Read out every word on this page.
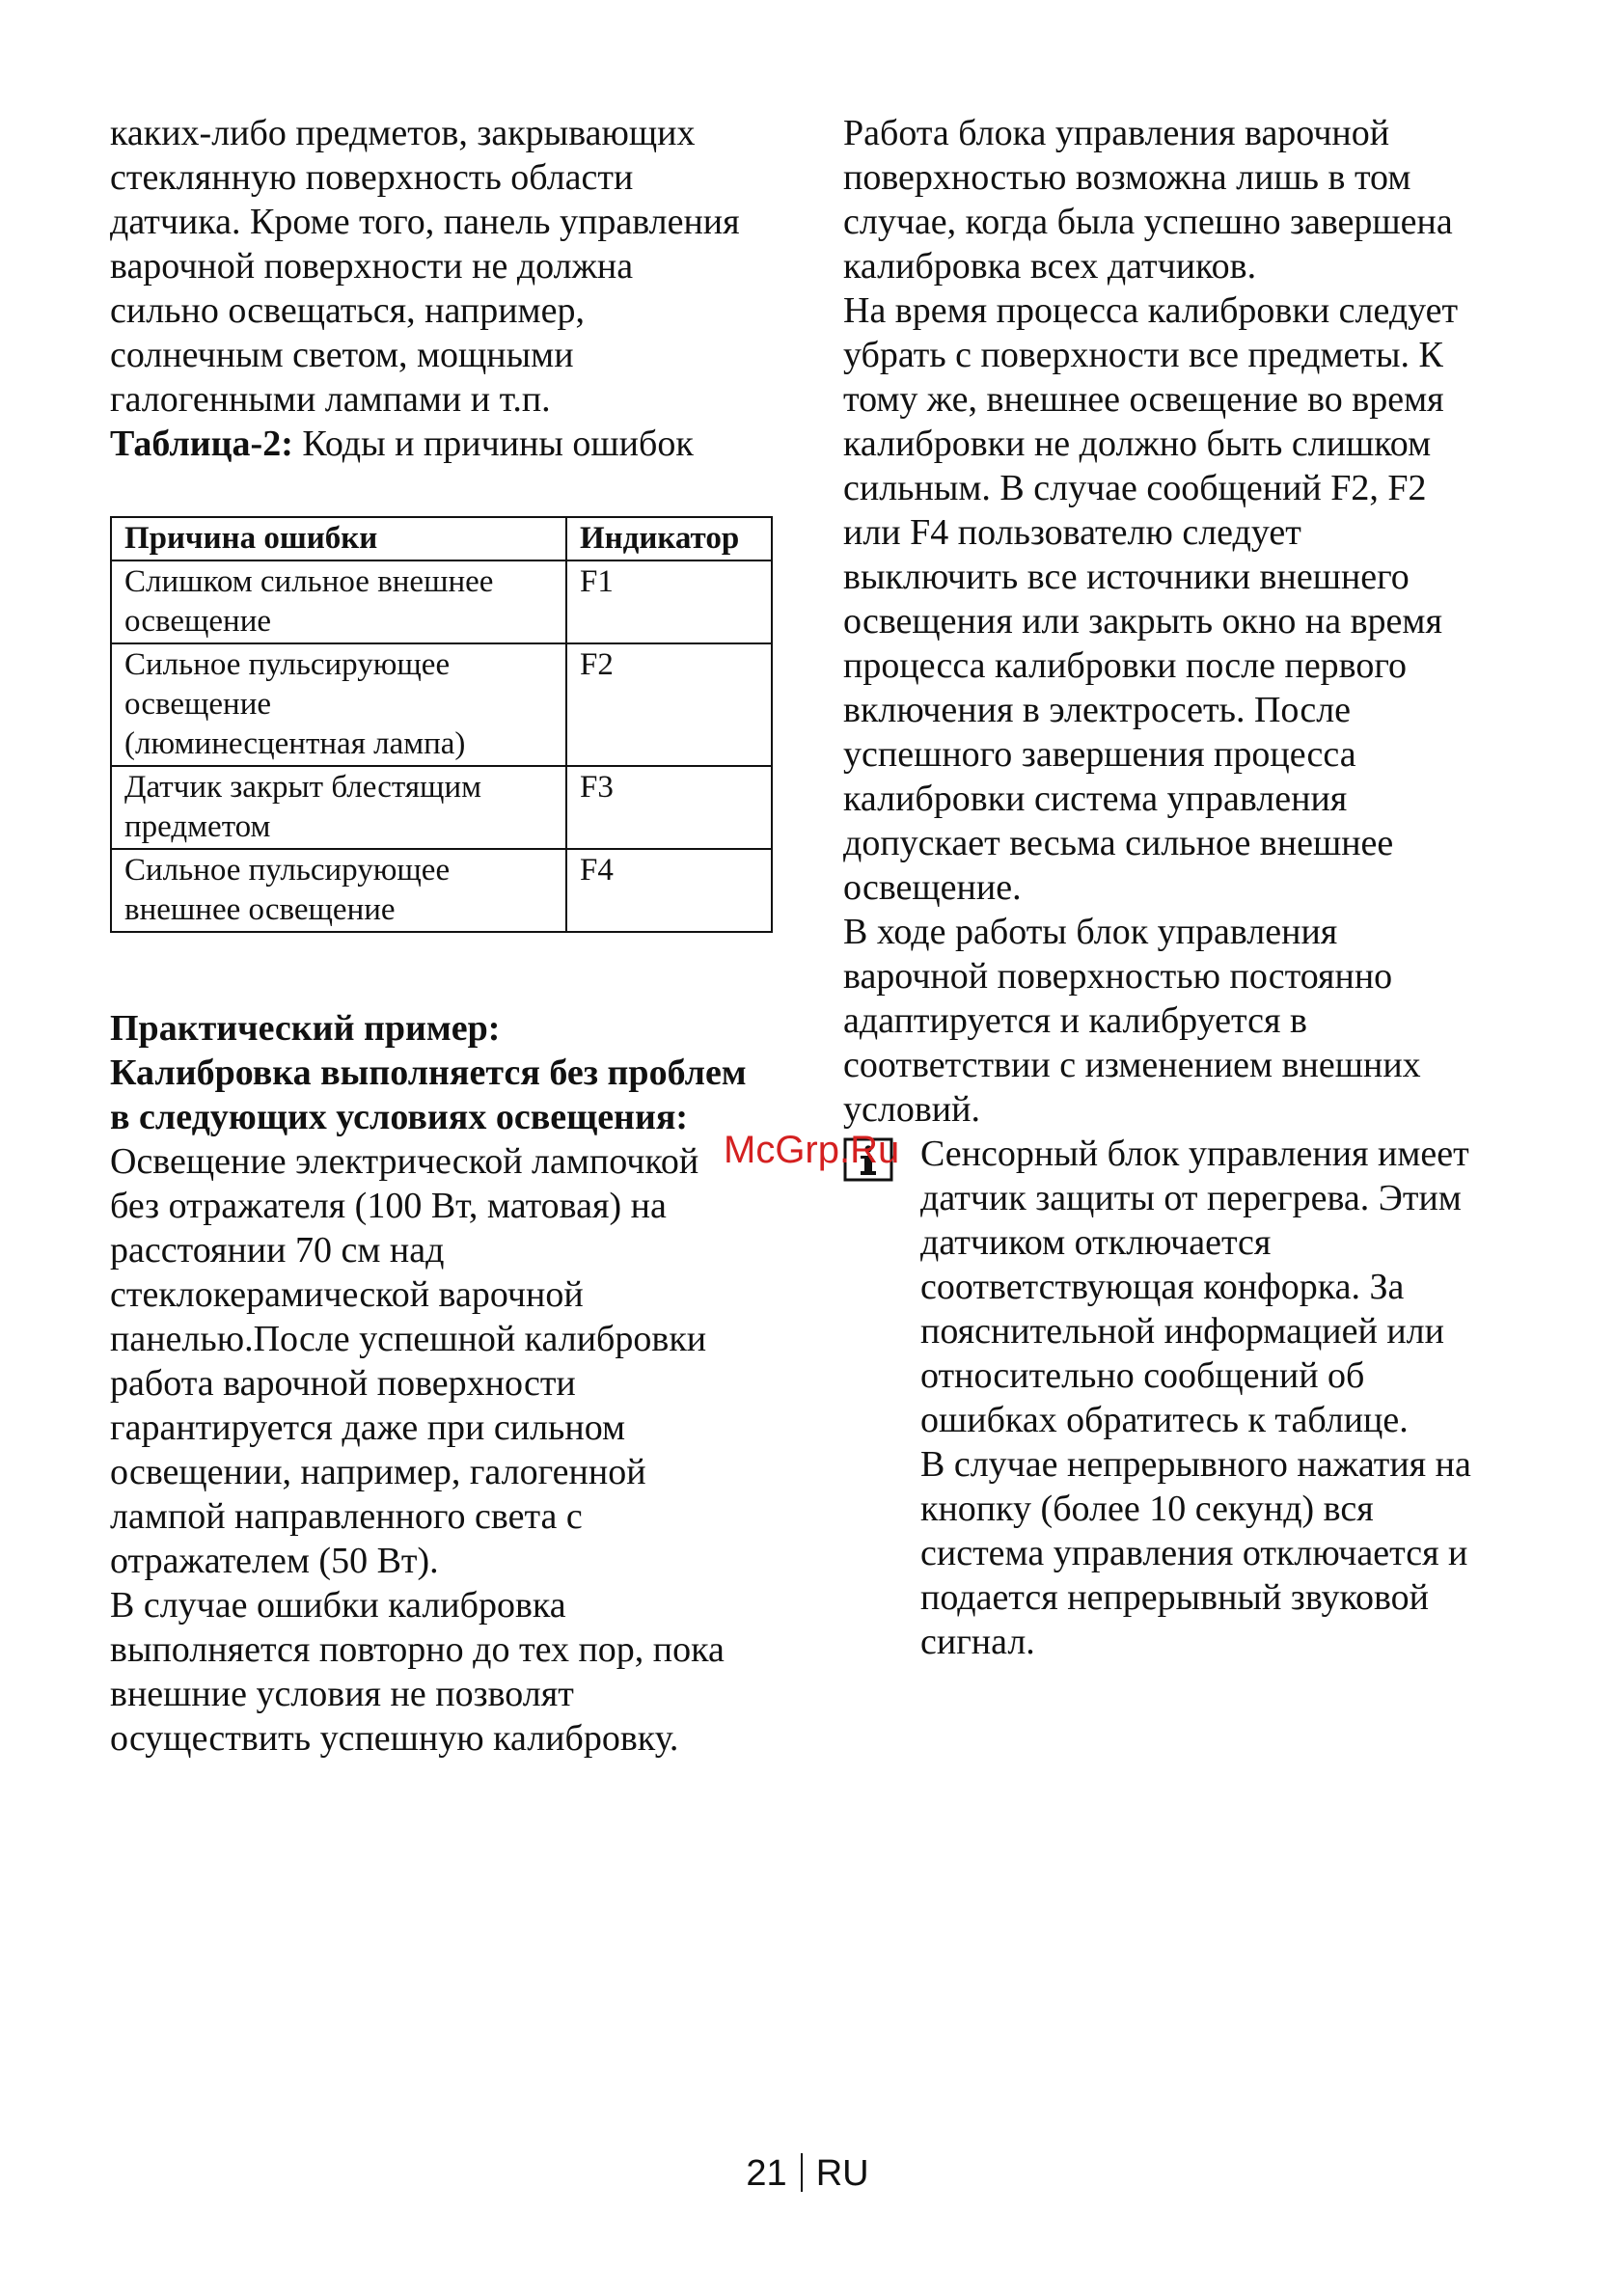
каких-либо предметов, закрывающих
стеклянную поверхность области
датчика. Кроме того, панель управления
варочной поверхности не должна
сильно освещаться, например,
солнечным светом, мощными
галогенными лампами и т.п.
Таблица-2: Коды и причины ошибок
Причина ошибки	Индикатор

Слишком сильное внешнее
освещение	F1

Сильное пульсирующее
освещение
(люминесцентная лампа)	F2

Датчик закрыт блестящим
предметом	F3

Сильное пульсирующее
внешнее освещение	F4
Практический пример:
Калибровка выполняется без проблем
в следующих условиях освещения:
Освещение электрической лампочкой
без отражателя (100 Вт, матовая) на
расстоянии 70 см над
стеклокерамической варочной
панелью.После успешной калибровки
работа варочной поверхности
гарантируется даже при сильном
освещении, например, галогенной
лампой направленного света с
отражателем (50 Вт).
В случае ошибки калибровка
выполняется повторно до тех пор, пока
внешние условия не позволят
осуществить успешную калибровку.
Работа блока управления варочной
поверхностью возможна лишь в том
случае, когда была успешно завершена
калибровка всех датчиков.
На время процесса калибровки следует
убрать с поверхности все предметы. К
тому же, внешнее освещение во время
калибровки не должно быть слишком
сильным. В случае сообщений F2, F2
или F4 пользователю следует
выключить все источники внешнего
освещения или закрыть окно на время
процесса калибровки после первого
включения в электросеть. После
успешного завершения процесса
калибровки система управления
допускает весьма сильное внешнее
освещение.
В ходе работы блок управления
варочной поверхностью постоянно
адаптируется и калибруется в
соответствии с изменением внешних
условий.
Сенсорный блок управления имеет
датчик защиты от перегрева. Этим
датчиком отключается
соответствующая конфорка. За
пояснительной информацией или
относительно сообщений об
ошибках обратитесь к таблице.
В случае непрерывного нажатия на
кнопку (более 10 секунд) вся
система управления отключается и
подается непрерывный звуковой
сигнал.
McGrp.Ru
21 RU
